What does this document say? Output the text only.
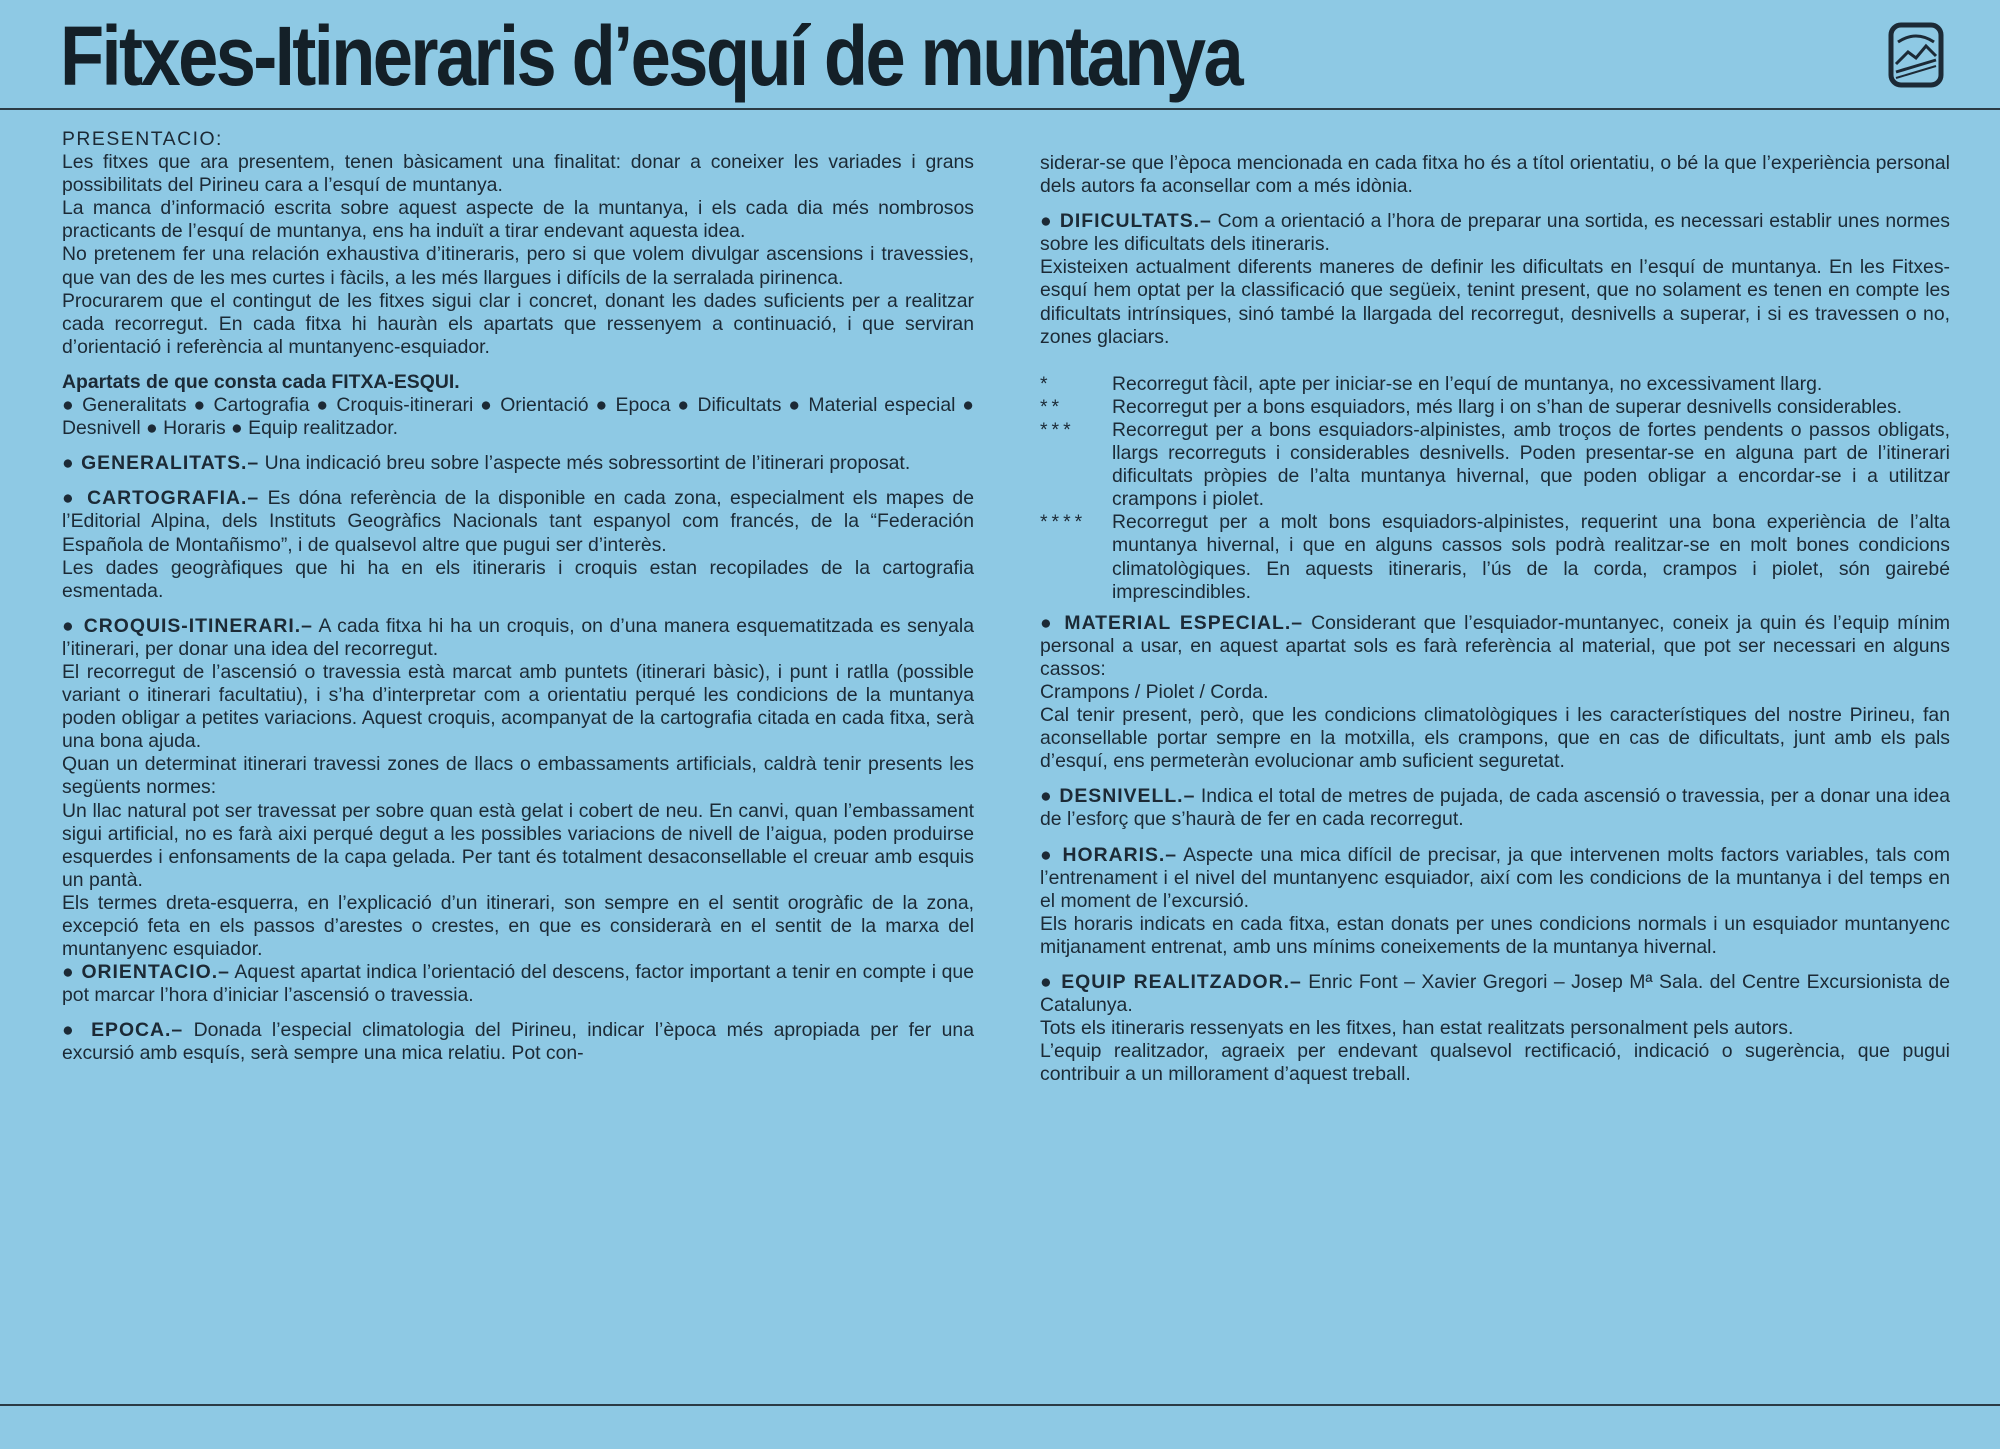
Fitxes-Itineraris d’esquí de muntanya

PRESENTACIO:

Les fitxes que ara presentem, tenen bàsicament una finalitat: donar a coneixer les variades i grans possibilitats del Pirineu cara a l’esquí de muntanya.

La manca d’informació escrita sobre aquest aspecte de la muntanya, i els cada dia més nombrosos practicants de l’esquí de muntanya, ens ha induït a tirar endevant aquesta idea.

No pretenem fer una relación exhaustiva d’itineraris, pero si que volem divulgar ascensions i travessies, que van des de les mes curtes i fàcils, a les més llargues i difícils de la serralada pirinenca.

Procurarem que el contingut de les fitxes sigui clar i concret, donant les dades suficients per a realitzar cada recorregut. En cada fitxa hi hauràn els apartats que ressenyem a continuació, i que serviran d’orientació i referència al muntanyenc-esquiador.

Apartats de que consta cada FITXA-ESQUI.

● Generalitats ● Cartografia ● Croquis-itinerari ● Orientació ● Epoca ● Dificultats ● Material especial ● Desnivell ● Horaris ● Equip realitzador.

● GENERALITATS.– Una indicació breu sobre l’aspecte més sobressortint de l’itinerari proposat.

● CARTOGRAFIA.– Es dóna referència de la disponible en cada zona, especialment els mapes de l’Editorial Alpina, dels Instituts Geogràfics Nacionals tant espanyol com francés, de la “Federación Española de Montañismo”, i de qualsevol altre que pugui ser d’interès.

Les dades geogràfiques que hi ha en els itineraris i croquis estan recopilades de la cartografia esmentada.

● CROQUIS-ITINERARI.– A cada fitxa hi ha un croquis, on d’una manera esquematitzada es senyala l’itinerari, per donar una idea del recorregut.

El recorregut de l’ascensió o travessia està marcat amb puntets (itinerari bàsic), i punt i ratlla (possible variant o itinerari facultatiu), i s’ha d’interpretar com a orientatiu perqué les condicions de la muntanya poden obligar a petites variacions. Aquest croquis, acompanyat de la cartografia citada en cada fitxa, serà una bona ajuda.

Quan un determinat itinerari travessi zones de llacs o embassaments artificials, caldrà tenir presents les següents normes:

Un llac natural pot ser travessat per sobre quan està gelat i cobert de neu. En canvi, quan l’embassament sigui artificial, no es farà aixi perqué degut a les possibles variacions de nivell de l’aigua, poden produirse esquerdes i enfonsaments de la capa gelada. Per tant és totalment desaconsellable el creuar amb esquis un pantà.

Els termes dreta-esquerra, en l’explicació d’un itinerari, son sempre en el sentit orogràfic de la zona, excepció feta en els passos d’arestes o crestes, en que es considerarà en el sentit de la marxa del muntanyenc esquiador.

● ORIENTACIO.– Aquest apartat indica l’orientació del descens, factor important a tenir en compte i que pot marcar l’hora d’iniciar l’ascensió o travessia.

● EPOCA.– Donada l’especial climatologia del Pirineu, indicar l’època més apropiada per fer una excursió amb esquís, serà sempre una mica relatiu. Pot con-

siderar-se que l’època mencionada en cada fitxa ho és a títol orientatiu, o bé la que l’experiència personal dels autors fa aconsellar com a més idònia.

● DIFICULTATS.– Com a orientació a l’hora de preparar una sortida, es necessari establir unes normes sobre les dificultats dels itineraris.

Existeixen actualment diferents maneres de definir les dificultats en l’esquí de muntanya. En les Fitxes-esquí hem optat per la classificació que següeix, tenint present, que no solament es tenen en compte les dificultats intrínsiques, sinó també la llargada del recorregut, desnivells a superar, i si es travessen o no, zones glaciars.

*	Recorregut fàcil, apte per iniciar-se en l’equí de muntanya, no excessivament llarg.
**	Recorregut per a bons esquiadors, més llarg i on s’han de superar desnivells considerables.
***	Recorregut per a bons esquiadors-alpinistes, amb troços de fortes pendents o passos obligats, llargs recorreguts i considerables desnivells. Poden presentar-se en alguna part de l’itinerari dificultats pròpies de l’alta muntanya hivernal, que poden obligar a encordar-se i a utilitzar crampons i piolet.
****	Recorregut per a molt bons esquiadors-alpinistes, requerint una bona experiència de l’alta muntanya hivernal, i que en alguns cassos sols podrà realitzar-se en molt bones condicions climatològiques. En aquests itineraris, l’ús de la corda, crampos i piolet, són gairebé imprescindibles.

● MATERIAL ESPECIAL.– Considerant que l’esquiador-muntanyec, coneix ja quin és l’equip mínim personal a usar, en aquest apartat sols es farà referència al material, que pot ser necessari en alguns cassos:

Crampons / Piolet / Corda.

Cal tenir present, però, que les condicions climatològiques i les característiques del nostre Pirineu, fan aconsellable portar sempre en la motxilla, els crampons, que en cas de dificultats, junt amb els pals d’esquí, ens permeteràn evolucionar amb suficient seguretat.

● DESNIVELL.– Indica el total de metres de pujada, de cada ascensió o travessia, per a donar una idea de l’esforç que s’haurà de fer en cada recorregut.

● HORARIS.– Aspecte una mica difícil de precisar, ja que intervenen molts factors variables, tals com l’entrenament i el nivel del muntanyenc esquiador, així com les condicions de la muntanya i del temps en el moment de l’excursió.

Els horaris indicats en cada fitxa, estan donats per unes condicions normals i un esquiador muntanyenc mitjanament entrenat, amb uns mínims coneixements de la muntanya hivernal.

● EQUIP REALITZADOR.– Enric Font – Xavier Gregori – Josep Mª Sala. del Centre Excursionista de Catalunya.

Tots els itineraris ressenyats en les fitxes, han estat realitzats personalment pels autors.

L’equip realitzador, agraeix per endevant qualsevol rectificació, indicació o sugerència, que pugui contribuir a un millorament d’aquest treball.
